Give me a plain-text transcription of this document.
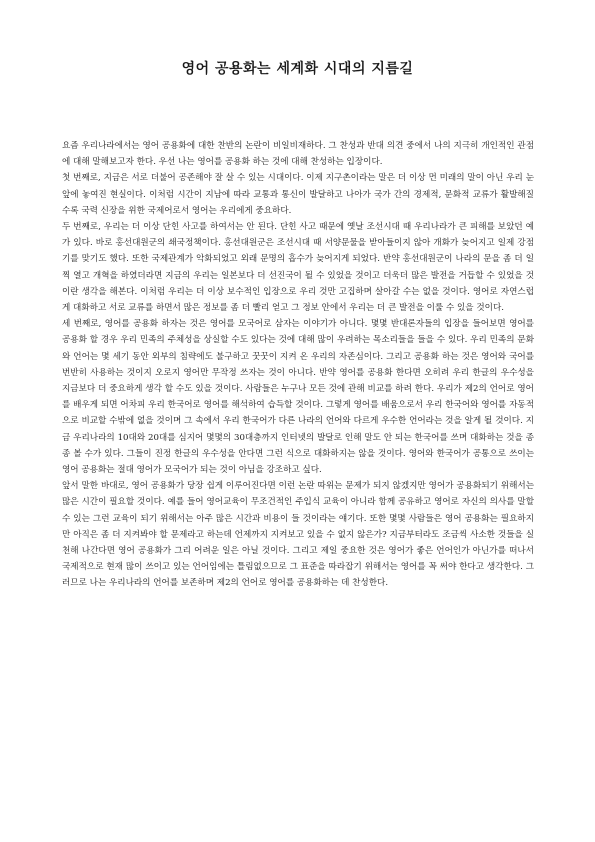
영어 공용화는 세계화 시대의 지름길

요즘 우리나라에서는 영어 공용화에 대한 찬반의 논란이 비일비재하다. 그 찬성과 반대 의견 중에서 나의 지극히 개인적인 관점에 대해 말해보고자 한다. 우선 나는 영어를 공용화 하는 것에 대해 찬성하는 입장이다.

첫 번째로, 지금은 서로 더불어 공존해야 잘 살 수 있는 시대이다. 이제 지구촌이라는 말은 더 이상 먼 미래의 말이 아닌 우리 눈앞에 놓여진 현실이다. 이처럼 시간이 지남에 따라 교통과 통신이 발달하고 나아가 국가 간의 경제적, 문화적 교류가 활발해질수록 국력 신장을 위한 국제어로서 영어는 우리에게 중요하다.

두 번째로, 우리는 더 이상 단힌 사고를 하여서는 안 된다. 단힌 사고 때문에 옛날 조선시대 때 우리나라가 큰 피해를 보았던 예가 있다. 바로 홍선대원군의 쇄국정책이다. 홍선대원군은 조선시대 때 서양문물을 받아들이지 않아 개화가 늦어지고 일제 강점기를 맞기도 했다. 또한 국제관계가 악화되었고 외래 문명의 흡수가 늦어지게 되었다. 반약 홍선대원군이 나라의 문을 좀 더 일찍 열고 개혁을 하였더라면 지금의 우리는 일본보다 더 선진국이 될 수 있었을 것이고 더욱더 많은 발전을 거듭할 수 있었을 것이란 생각을 해본다. 이처럼 우리는 더 이상 보수적인 입장으로 우리 것만 고집하며 살아갈 수는 없을 것이다. 영어로 자연스럽게 대화하고 서로 교류를 하면서 많은 정보를 좀 더 빨리 얻고 그 정보 안에서 우리는 더 큰 발전을 이룰 수 있을 것이다.

세 번째로, 영어를 공용화 하자는 것은 영어를 모국어로 삼자는 이야기가 아니다. 몇몇 반대론자들의 입장을 들어보면 영어를 공용화 할 경우 우리 민족의 주체성을 상실할 수도 있다는 것에 대해 많이 우려하는 목소리들을 들을 수 있다. 우리 민족의 문화와 언어는 몇 세기 동안 외부의 침략에도 불구하고 꿋꿋이 지켜 온 우리의 자존심이다. 그리고 공용화 하는 것은 영어와 국어를 번반히 사용하는 것이지 오로지 영어만 무작정 쓰자는 것이 아니다. 반약 영어를 공용화 한다면 오히려 우리 한글의 우수성을 지금보다 더 중요하게 생각 할 수도 있을 것이다. 사람들은 누구나 모든 것에 관해 비교를 하려 한다. 우리가 제2의 언어로 영어를 배우게 되면 어차피 우리 한국어로 영어를 해석하여 습득할 것이다. 그렇게 영어를 배움으로서 우리 한국어와 영어를 자동적으로 비교할 수밖에 없을 것이며 그 속에서 우리 한국어가 다른 나라의 언어와 다르게 우수한 언어라는 것을 알게 될 것이다. 지금 우리나라의 10대와 20대를 심지어 몇몇의 30대층까지 인터넷의 발달로 인해 말도 안 되는 한국어를 쓰며 대화하는 것을 종종 볼 수가 있다. 그들이 진정 한글의 우수성을 안다면 그런 식으로 대화하지는 않을 것이다. 영어와 한국어가 공통으로 쓰이는 영어 공용화는 절대 영어가 모국어가 되는 것이 아님을 강조하고 싶다.

앞서 말한 바대로, 영어 공용화가 당장 쉽게 이루어진다면 이런 논란 따위는 문제가 되지 않겠지만 영어가 공용화되기 위해서는 많은 시간이 필요할 것이다. 예를 들어 영어교육이 무조건적인 주입식 교육이 아니라 함께 공유하고 영어로 자신의 의사를 말할 수 있는 그런 교육이 되기 위해서는 아주 많은 시간과 비용이 들 것이라는 얘기다. 또한 몇몇 사람들은 영어 공용화는 필요하지만 아직은 좀 더 지켜봐야 할 문제라고 하는데 언제까지 지켜보고 있을 수 없지 않은가? 지금부터라도 조금씩 사소한 것들을 실천해 나간다면 영어 공용화가 그리 어려운 일은 아닐 것이다. 그리고 제일 중요한 것은 영어가 좋은 언어인가 아닌가를 떠나서 국제적으로 현재 많이 쓰이고 있는 언어임에는 틀림없으므로 그 표준을 따라잡기 위해서는 영어를 꼭 써야 한다고 생각한다. 그러므로 나는 우리나라의 언어를 보존하며 제2의 언어로 영어를 공용화하는 데 찬성한다.
